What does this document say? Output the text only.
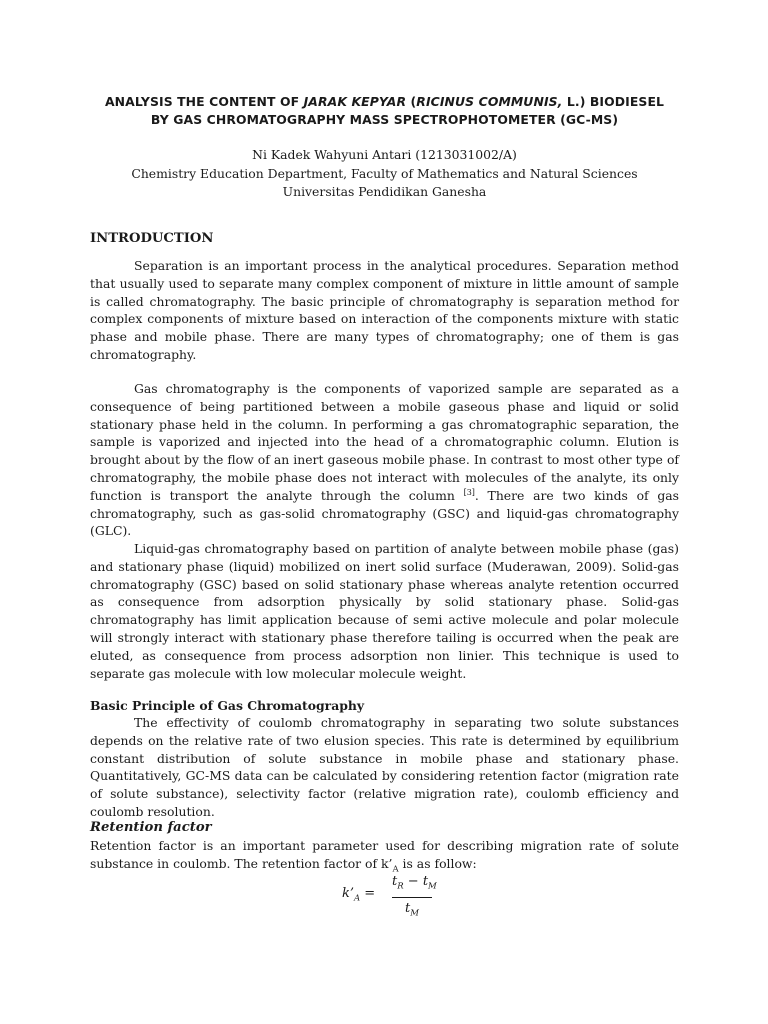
ANALYSIS THE CONTENT OF JARAK KEPYAR (RICINUS COMMUNIS, L.) BIODIESEL
BY GAS CHROMATOGRAPHY MASS SPECTROPHOTOMETER (GC-MS)
Ni Kadek Wahyuni Antari (1213031002/A)
Chemistry Education Department, Faculty of Mathematics and Natural Sciences
Universitas Pendidikan Ganesha
INTRODUCTION

Separation is an important process in the analytical procedures. Separation method that usually used to separate many complex component of mixture in little amount of sample is called chromatography. The basic principle of chromatography is separation method for complex components of mixture based on interaction of the components mixture with static phase and mobile phase. There are many types of chromatography; one of them is gas chromatography.

Gas chromatography is the components of vaporized sample are separated as a consequence of being partitioned between a mobile gaseous phase and liquid or solid stationary phase held in the column. In performing a gas chromatographic separation, the sample is vaporized and injected into the head of a chromatographic column. Elution is brought about by the flow of an inert gaseous mobile phase. In contrast to most other type of chromatography, the mobile phase does not interact with molecules of the analyte, its only function is transport the analyte through the column [3]. There are two kinds of gas chromatography, such as gas-solid chromatography (GSC) and liquid-gas chromatography (GLC).

Liquid-gas chromatography based on partition of analyte between mobile phase (gas) and stationary phase (liquid) mobilized on inert solid surface (Muderawan, 2009). Solid-gas chromatography (GSC) based on solid stationary phase whereas analyte retention occurred as consequence from adsorption physically by solid stationary phase. Solid-gas chromatography has limit application because of semi active molecule and polar molecule will strongly interact with stationary phase therefore tailing is occurred when the peak are eluted, as consequence from process adsorption non linier. This technique is used to separate gas molecule with low molecular molecule weight.

Basic Principle of Gas Chromatography

The effectivity of coulomb chromatography in separating two solute substances depends on the relative rate of two elusion species. This rate is determined by equilibrium constant distribution of solute substance in mobile phase and stationary phase. Quantitatively, GC-MS data can be calculated by considering retention factor (migration rate of solute substance), selectivity factor (relative migration rate), coulomb efficiency and coulomb resolution.

Retention factor

Retention factor is an important parameter used for describing migration rate of solute substance in coulomb. The retention factor of $k’_A$ is as follow:

$k’_A$ =
$t_R - t_M$
$t_M$
